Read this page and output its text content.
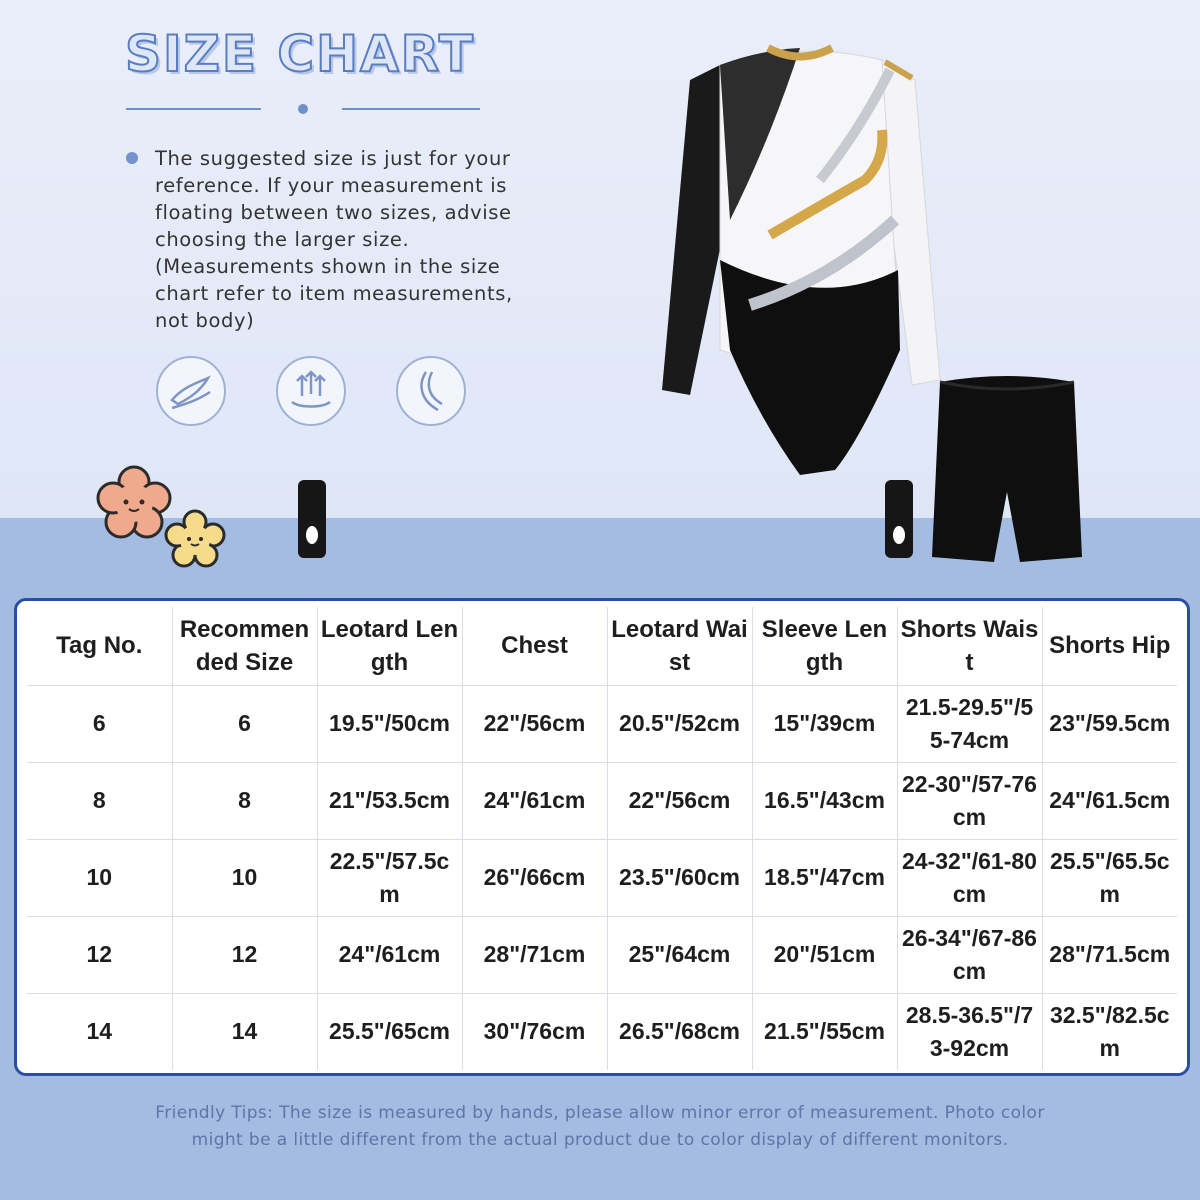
SIZE CHART
The suggested size is just for your
reference. If your measurement is
floating between two sizes, advise
choosing the larger size.
(Measurements shown in the size
chart refer to item measurements,
not body)
Tag No.	Recommended Size	Leotard Length	Chest	Leotard Waist	Sleeve Length	Shorts Waist	Shorts Hip
6	6	19.5"/50cm	22"/56cm	20.5"/52cm	15"/39cm	21.5-29.5"/55-74cm	23"/59.5cm
8	8	21"/53.5cm	24"/61cm	22"/56cm	16.5"/43cm	22-30"/57-76cm	24"/61.5cm
10	10	22.5"/57.5cm	26"/66cm	23.5"/60cm	18.5"/47cm	24-32"/61-80cm	25.5"/65.5cm
12	12	24"/61cm	28"/71cm	25"/64cm	20"/51cm	26-34"/67-86cm	28"/71.5cm
14	14	25.5"/65cm	30"/76cm	26.5"/68cm	21.5"/55cm	28.5-36.5"/73-92cm	32.5"/82.5cm
Friendly Tips: The size is measured by hands, please allow minor error of measurement. Photo color might be a little different from the actual product due to color display of different monitors.
